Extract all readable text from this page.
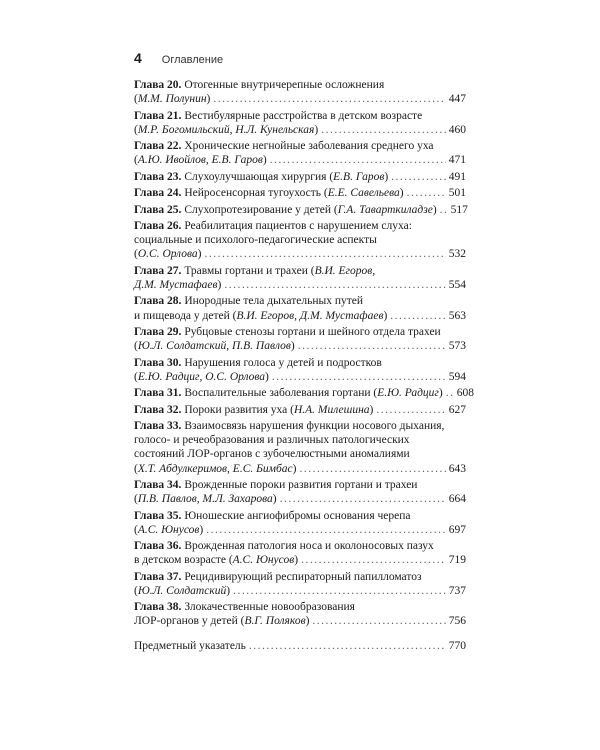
4 Оглавление
Глава 20. Отогенные внутричерепные осложнения
(М.М. Полунин) .....	447
Глава 21. Вестибулярные расстройства в детском возрасте
(М.Р. Богомильский, Н.Л. Кунельская) .....	460
Глава 22. Хронические негнойные заболевания среднего уха
(А.Ю. Ивойлов, Е.В. Гаров) .....	471
Глава 23. Слухоулучшающая хирургия (Е.В. Гаров) .....	491
Глава 24. Нейросенсорная тугоухость (Е.Е. Савельева) .....	501
Глава 25. Слухопротезирование у детей (Г.А. Таварткиладзе) ..... 517
Глава 26. Реабилитация пациентов с нарушением слуха:
социальные и психолого-педагогические аспекты
(О.С. Орлова) .....	532
Глава 27. Травмы гортани и трахеи (В.И. Егоров,
Д.М. Мустафаев) .....	554
Глава 28. Инородные тела дыхательных путей
и пищевода у детей (В.И. Егоров, Д.М. Мустафаев) .....	563
Глава 29. Рубцовые стенозы гортани и шейного отдела трахеи
(Ю.Л. Солдатский, П.В. Павлов) .....	573
Глава 30. Нарушения голоса у детей и подростков
(Е.Ю. Радциг, О.С. Орлова) .....	594
Глава 31. Воспалительные заболевания гортани (Е.Ю. Радциг) ..... 608
Глава 32. Пороки развития уха (Н.А. Милешина) .....	627
Глава 33. Взаимосвязь нарушения функции носового дыхания,
голосо- и речеобразования и различных патологических
состояний ЛОР-органов с зубочелюстными аномалиями
(Х.Т. Абдулкеримов, Е.С. Бимбас) .....	643
Глава 34. Врожденные пороки развития гортани и трахеи
(П.В. Павлов, М.Л. Захарова) .....	664
Глава 35. Юношеские ангиофибромы основания черепа
(А.С. Юнусов) .....	697
Глава 36. Врожденная патология носа и околоносовых пазух
в детском возрасте (А.С. Юнусов) .....	719
Глава 37. Рецидивирующий респираторный папилломатоз
(Ю.Л. Солдатский) .....	737
Глава 38. Злокачественные новообразования
ЛОР-органов у детей (В.Г. Поляков) .....	756
Предметный указатель .....	770
